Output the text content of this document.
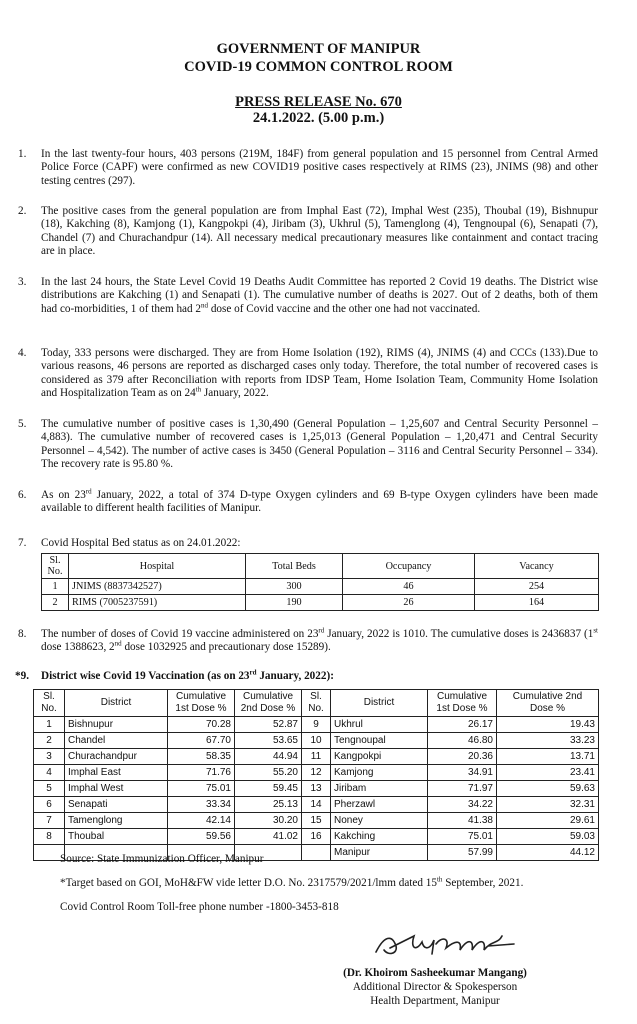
GOVERNMENT OF MANIPUR
COVID-19 COMMON CONTROL ROOM
PRESS RELEASE No. 670
24.1.2022. (5.00 p.m.)
1. In the last twenty-four hours, 403 persons (219M, 184F) from general population and 15 personnel from Central Armed Police Force (CAPF) were confirmed as new COVID19 positive cases respectively at RIMS (23), JNIMS (98) and other testing centres (297).
2. The positive cases from the general population are from Imphal East (72), Imphal West (235), Thoubal (19), Bishnupur (18), Kakching (8), Kamjong (1), Kangpokpi (4), Jiribam (3), Ukhrul (5), Tamenglong (4), Tengnoupal (6), Senapati (7), Chandel (7) and Churachandpur (14). All necessary medical precautionary measures like containment and contact tracing are in place.
3. In the last 24 hours, the State Level Covid 19 Deaths Audit Committee has reported 2 Covid 19 deaths. The District wise distributions are Kakching (1) and Senapati (1). The cumulative number of deaths is 2027. Out of 2 deaths, both of them had co-morbidities, 1 of them had 2nd dose of Covid vaccine and the other one had not vaccinated.
4. Today, 333 persons were discharged. They are from Home Isolation (192), RIMS (4), JNIMS (4) and CCCs (133).Due to various reasons, 46 persons are reported as discharged cases only today. Therefore, the total number of recovered cases is considered as 379 after Reconciliation with reports from IDSP Team, Home Isolation Team, Community Home Isolation and Hospitalization Team as on 24th January, 2022.
5. The cumulative number of positive cases is 1,30,490 (General Population – 1,25,607 and Central Security Personnel – 4,883). The cumulative number of recovered cases is 1,25,013 (General Population – 1,20,471 and Central Security Personnel – 4,542). The number of active cases is 3450 (General Population – 3116 and Central Security Personnel – 334). The recovery rate is 95.80 %.
6. As on 23rd January, 2022, a total of 374 D-type Oxygen cylinders and 69 B-type Oxygen cylinders have been made available to different health facilities of Manipur.
7. Covid Hospital Bed status as on 24.01.2022:
Sl. No.	Hospital	Total Beds	Occupancy	Vacancy
1	JNIMS (8837342527)	300	46	254
2	RIMS (7005237591)	190	26	164
8. The number of doses of Covid 19 vaccine administered on 23rd January, 2022 is 1010. The cumulative doses is 2436837 (1st dose 1388623, 2nd dose 1032925 and precautionary dose 15289).
*9. District wise Covid 19 Vaccination (as on 23rd January, 2022):
Sl. No.	District	Cumulative 1st Dose %	Cumulative 2nd Dose %	Sl. No.	District	Cumulative 1st Dose %	Cumulative 2nd Dose %
1	Bishnupur	70.28	52.87	9	Ukhrul	26.17	19.43
2	Chandel	67.70	53.65	10	Tengnoupal	46.80	33.23
3	Churachandpur	58.35	44.94	11	Kangpokpi	20.36	13.71
4	Imphal East	71.76	55.20	12	Kamjong	34.91	23.41
5	Imphal West	75.01	59.45	13	Jiribam	71.97	59.63
6	Senapati	33.34	25.13	14	Pherzawl	34.22	32.31
7	Tamenglong	42.14	30.20	15	Noney	41.38	29.61
8	Thoubal	59.56	41.02	16	Kakching	75.01	59.03
					Manipur	57.99	44.12
Source: State Immunization Officer, Manipur
*Target based on GOI, MoH&FW vide letter D.O. No. 2317579/2021/lmm dated 15th September, 2021.
Covid Control Room Toll-free phone number -1800-3453-818
(Dr. Khoirom Sasheekumar Mangang)
Additional Director & Spokesperson
Health Department, Manipur
